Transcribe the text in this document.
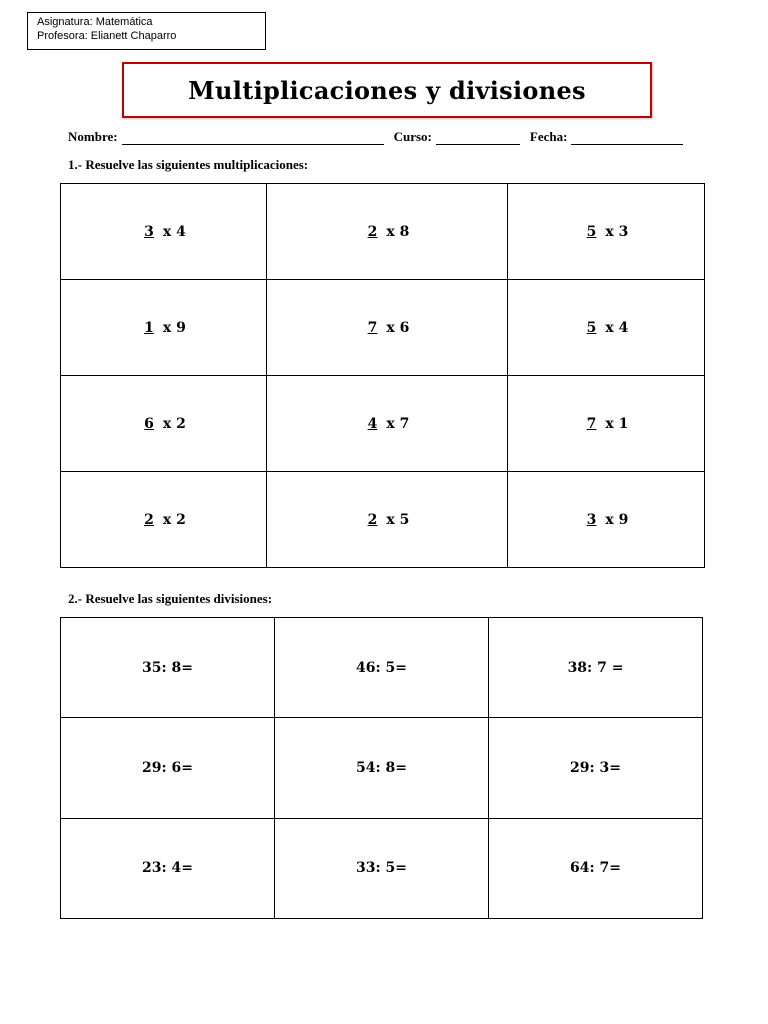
Asignatura: Matemática
Profesora: Elianett Chaparro
Multiplicaciones y divisiones
Nombre:	Curso:	Fecha:
1.- Resuelve las siguientes multiplicaciones:
3 x 4	2 x 8	5 x 3
1 x 9	7 x 6	5 x 4
6 x 2	4 x 7	7 x 1
2 x 2	2 x 5	3 x 9
2.- Resuelve las siguientes divisiones:
35: 8=	46: 5=	38: 7 =
29: 6=	54: 8=	29: 3=
23: 4=	33: 5=	64: 7=
